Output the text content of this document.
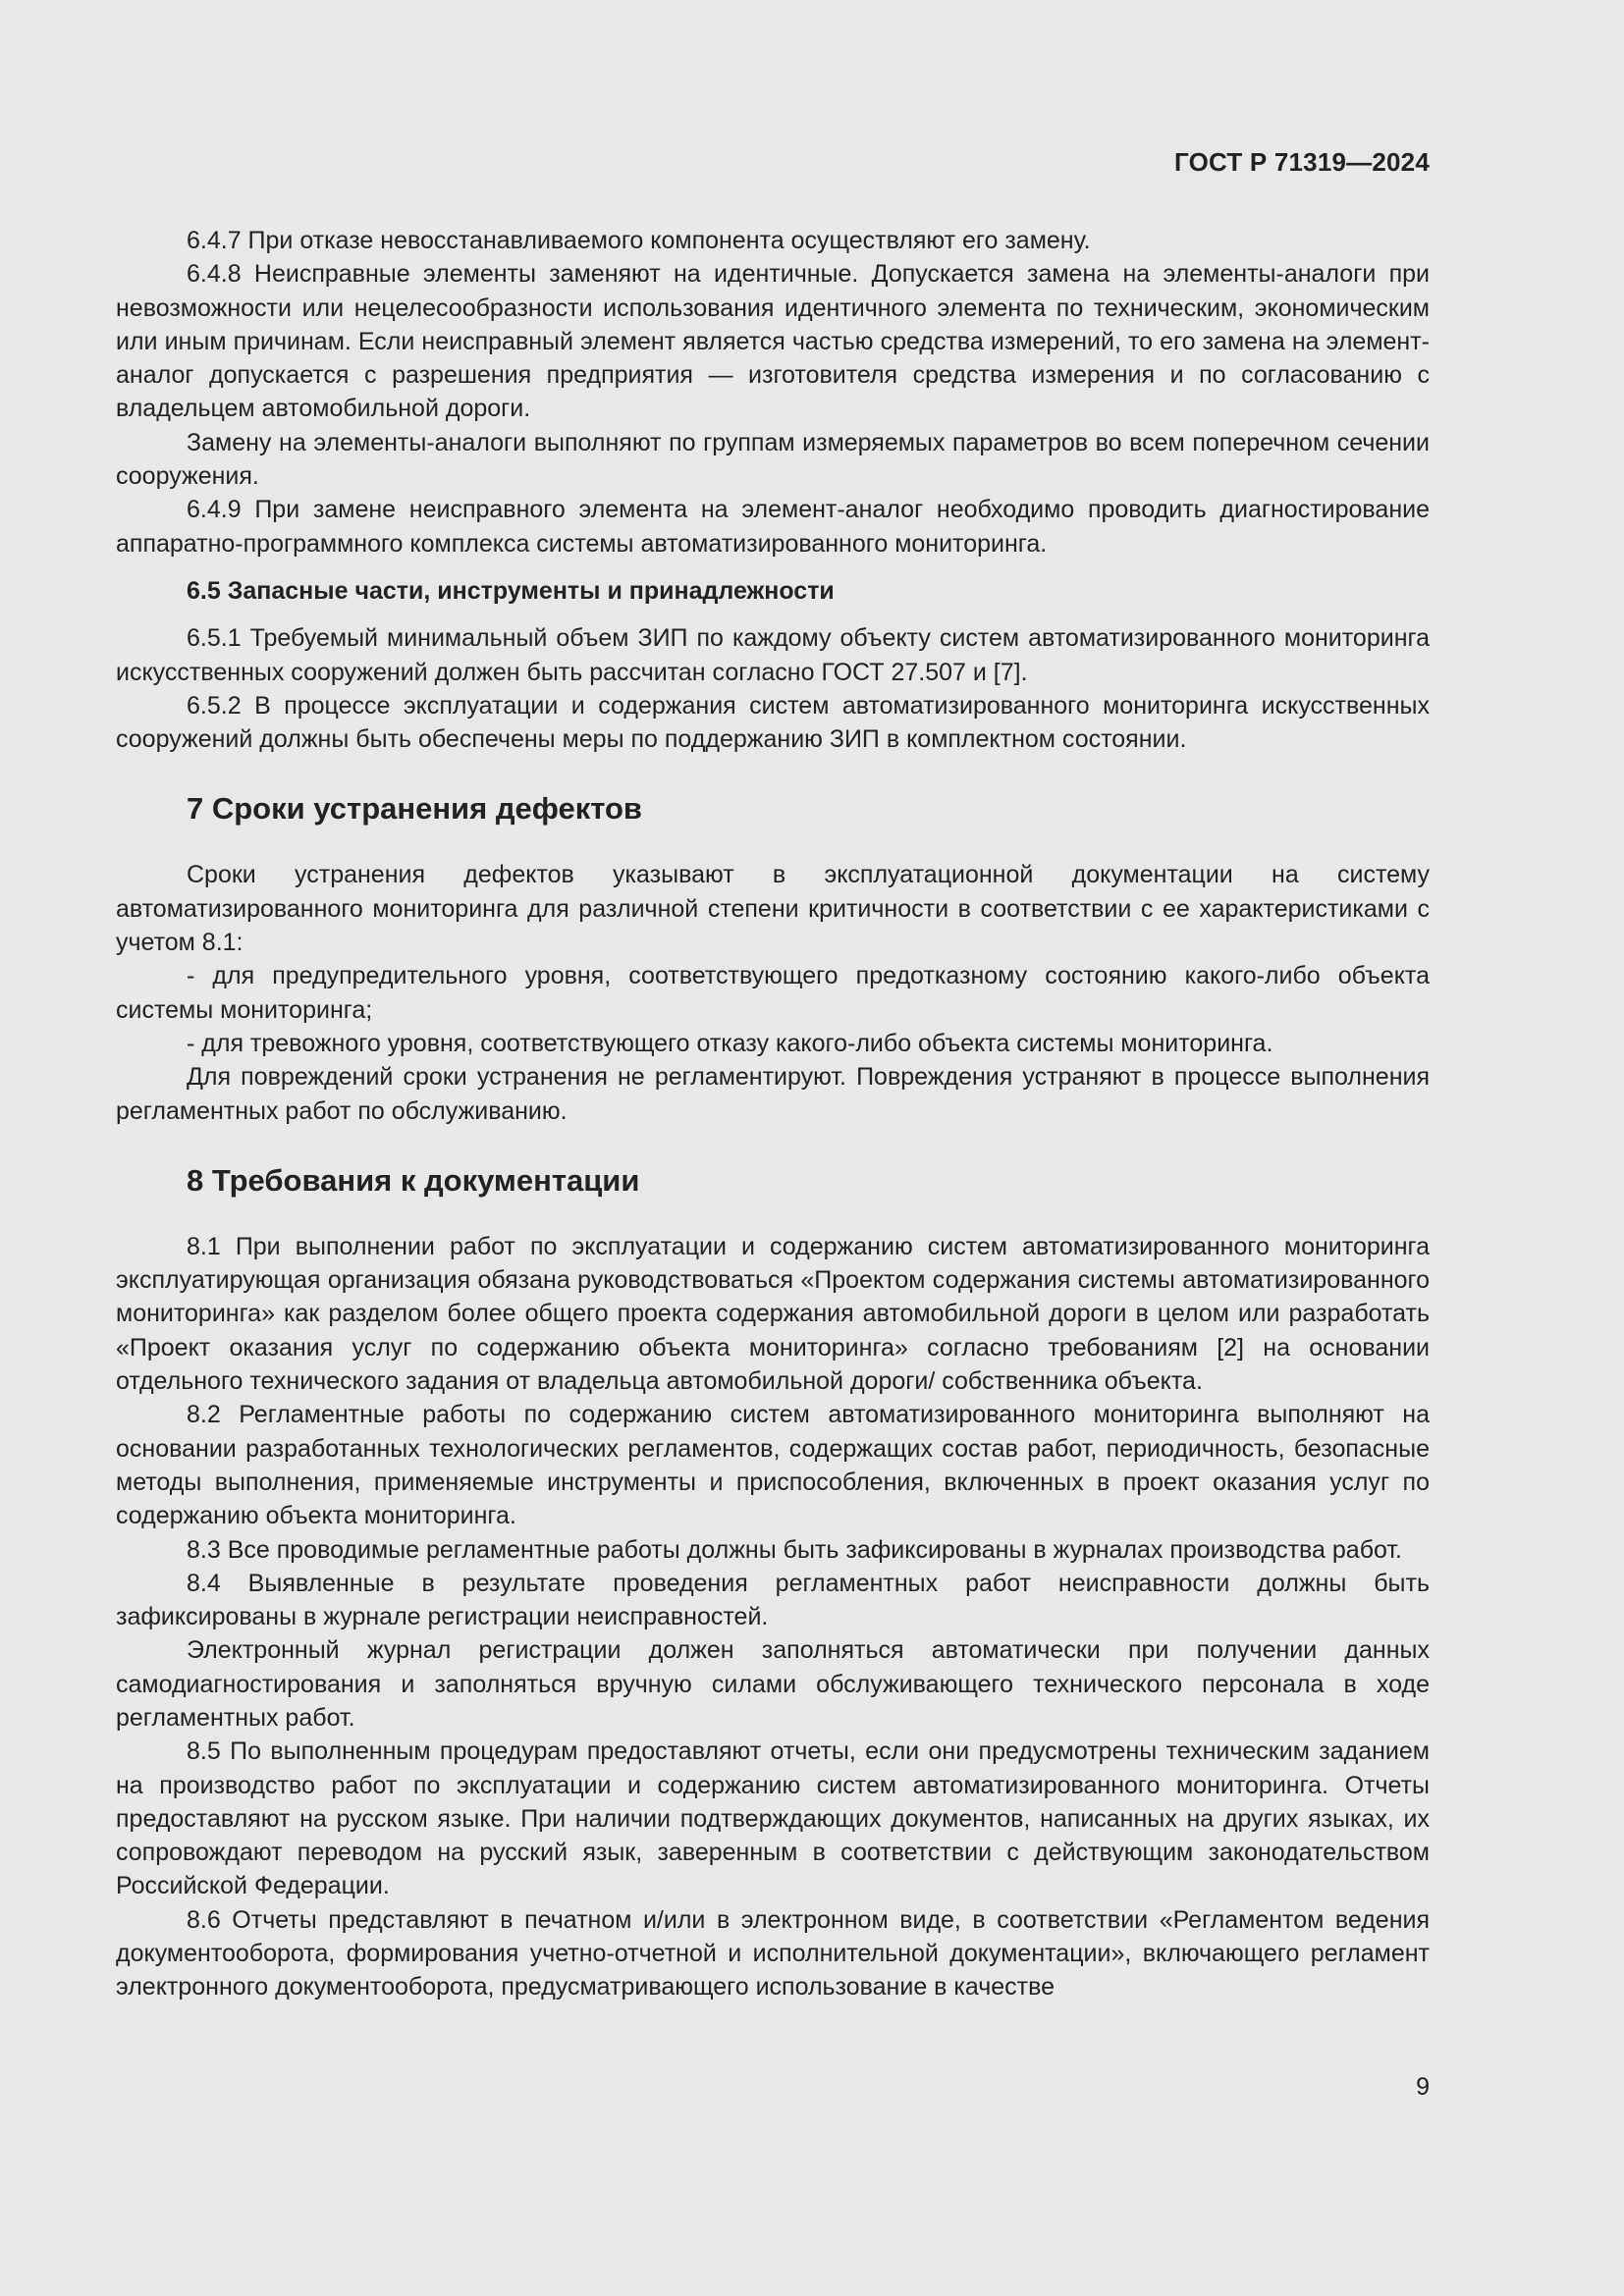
ГОСТ Р 71319—2024

6.4.7 При отказе невосстанавливаемого компонента осуществляют его замену.

6.4.8 Неисправные элементы заменяют на идентичные. Допускается замена на элементы-аналоги при невозможности или нецелесообразности использования идентичного элемента по техническим, экономическим или иным причинам. Если неисправный элемент является частью средства измерений, то его замена на элемент-аналог допускается с разрешения предприятия — изготовителя средства измерения и по согласованию с владельцем автомобильной дороги.

Замену на элементы-аналоги выполняют по группам измеряемых параметров во всем поперечном сечении сооружения.

6.4.9 При замене неисправного элемента на элемент-аналог необходимо проводить диагностирование аппаратно-программного комплекса системы автоматизированного мониторинга.

6.5 Запасные части, инструменты и принадлежности

6.5.1 Требуемый минимальный объем ЗИП по каждому объекту систем автоматизированного мониторинга искусственных сооружений должен быть рассчитан согласно ГОСТ 27.507 и [7].

6.5.2 В процессе эксплуатации и содержания систем автоматизированного мониторинга искусственных сооружений должны быть обеспечены меры по поддержанию ЗИП в комплектном состоянии.

7 Сроки устранения дефектов

Сроки устранения дефектов указывают в эксплуатационной документации на систему автоматизированного мониторинга для различной степени критичности в соответствии с ее характеристиками с учетом 8.1:

- для предупредительного уровня, соответствующего предотказному состоянию какого-либо объекта системы мониторинга;

- для тревожного уровня, соответствующего отказу какого-либо объекта системы мониторинга.

Для повреждений сроки устранения не регламентируют. Повреждения устраняют в процессе выполнения регламентных работ по обслуживанию.

8 Требования к документации

8.1 При выполнении работ по эксплуатации и содержанию систем автоматизированного мониторинга эксплуатирующая организация обязана руководствоваться «Проектом содержания системы автоматизированного мониторинга» как разделом более общего проекта содержания автомобильной дороги в целом или разработать «Проект оказания услуг по содержанию объекта мониторинга» согласно требованиям [2] на основании отдельного технического задания от владельца автомобильной дороги/ собственника объекта.

8.2 Регламентные работы по содержанию систем автоматизированного мониторинга выполняют на основании разработанных технологических регламентов, содержащих состав работ, периодичность, безопасные методы выполнения, применяемые инструменты и приспособления, включенных в проект оказания услуг по содержанию объекта мониторинга.

8.3 Все проводимые регламентные работы должны быть зафиксированы в журналах производства работ.

8.4 Выявленные в результате проведения регламентных работ неисправности должны быть зафиксированы в журнале регистрации неисправностей.

Электронный журнал регистрации должен заполняться автоматически при получении данных самодиагностирования и заполняться вручную силами обслуживающего технического персонала в ходе регламентных работ.

8.5 По выполненным процедурам предоставляют отчеты, если они предусмотрены техническим заданием на производство работ по эксплуатации и содержанию систем автоматизированного мониторинга. Отчеты предоставляют на русском языке. При наличии подтверждающих документов, написанных на других языках, их сопровождают переводом на русский язык, заверенным в соответствии с действующим законодательством Российской Федерации.

8.6 Отчеты представляют в печатном и/или в электронном виде, в соответствии «Регламентом ведения документооборота, формирования учетно-отчетной и исполнительной документации», включающего регламент электронного документооборота, предусматривающего использование в качестве

9
